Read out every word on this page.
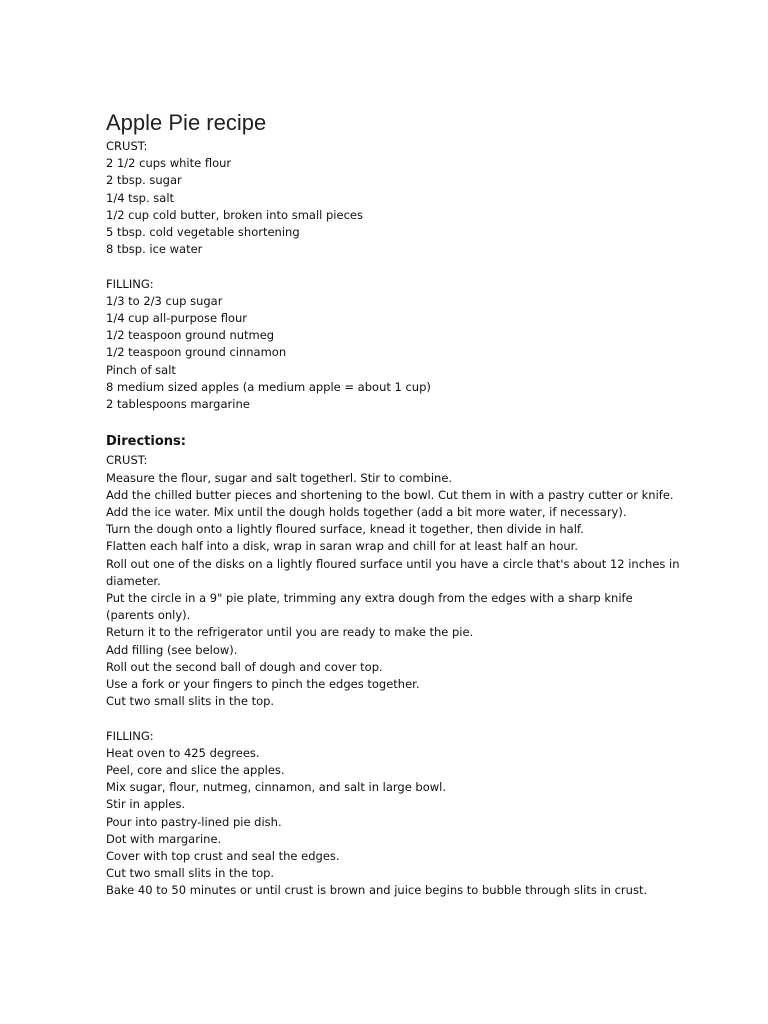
Apple Pie recipe
CRUST:
2 1/2 cups white flour
2 tbsp. sugar
1/4 tsp. salt
1/2 cup cold butter, broken into small pieces
5 tbsp. cold vegetable shortening
8 tbsp. ice water
FILLING:
1/3 to 2/3 cup sugar
1/4 cup all-purpose flour
1/2 teaspoon ground nutmeg
1/2 teaspoon ground cinnamon
Pinch of salt
8 medium sized apples (a medium apple = about 1 cup)
2 tablespoons margarine
Directions:
CRUST:
Measure the flour, sugar and salt togetherl. Stir to combine.
Add the chilled butter pieces and shortening to the bowl. Cut them in with a pastry cutter or knife.
Add the ice water. Mix until the dough holds together (add a bit more water, if necessary).
Turn the dough onto a lightly floured surface, knead it together, then divide in half.
Flatten each half into a disk, wrap in saran wrap and chill for at least half an hour.
Roll out one of the disks on a lightly floured surface until you have a circle that's about 12 inches in
diameter.
Put the circle in a 9" pie plate, trimming any extra dough from the edges with a sharp knife
(parents only).
Return it to the refrigerator until you are ready to make the pie.
Add filling (see below).
Roll out the second ball of dough and cover top.
Use a fork or your fingers to pinch the edges together.
Cut two small slits in the top.
FILLING:
Heat oven to 425 degrees.
Peel, core and slice the apples.
Mix sugar, flour, nutmeg, cinnamon, and salt in large bowl.
Stir in apples.
Pour into pastry-lined pie dish.
Dot with margarine.
Cover with top crust and seal the edges.
Cut two small slits in the top.
Bake 40 to 50 minutes or until crust is brown and juice begins to bubble through slits in crust.
